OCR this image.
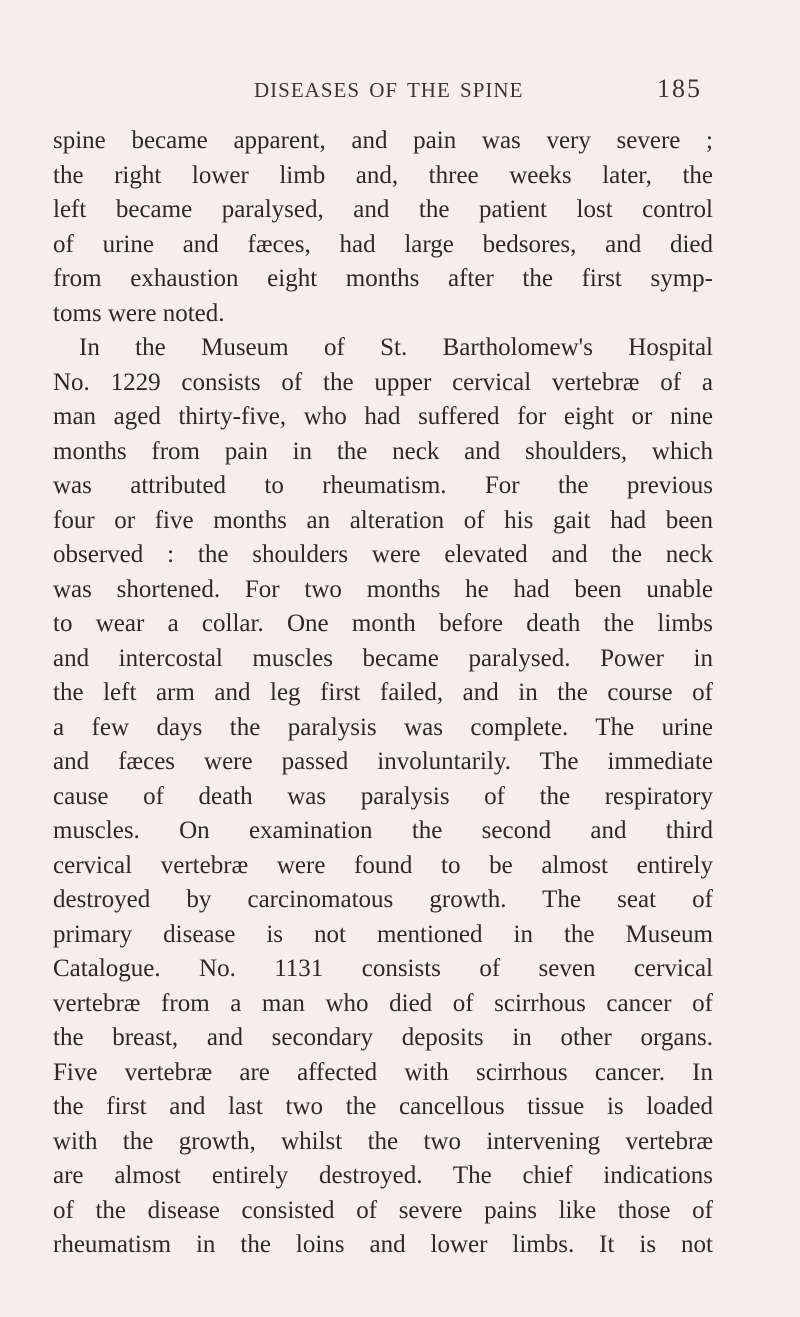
DISEASES OF THE SPINE	185
spine became apparent, and pain was very severe ;
the right lower limb and, three weeks later, the
left became paralysed, and the patient lost control
of urine and fæces, had large bedsores, and died
from exhaustion eight months after the first symp-
toms were noted.
In the Museum of St. Bartholomew's Hospital
No. 1229 consists of the upper cervical vertebræ of a
man aged thirty-five, who had suffered for eight or nine
months from pain in the neck and shoulders, which
was attributed to rheumatism. For the previous
four or five months an alteration of his gait had been
observed : the shoulders were elevated and the neck
was shortened. For two months he had been unable
to wear a collar. One month before death the limbs
and intercostal muscles became paralysed. Power in
the left arm and leg first failed, and in the course of
a few days the paralysis was complete. The urine
and fæces were passed involuntarily. The immediate
cause of death was paralysis of the respiratory
muscles. On examination the second and third
cervical vertebræ were found to be almost entirely
destroyed by carcinomatous growth. The seat of
primary disease is not mentioned in the Museum
Catalogue. No. 1131 consists of seven cervical
vertebræ from a man who died of scirrhous cancer of
the breast, and secondary deposits in other organs.
Five vertebræ are affected with scirrhous cancer. In
the first and last two the cancellous tissue is loaded
with the growth, whilst the two intervening vertebræ
are almost entirely destroyed. The chief indications
of the disease consisted of severe pains like those of
rheumatism in the loins and lower limbs. It is not
